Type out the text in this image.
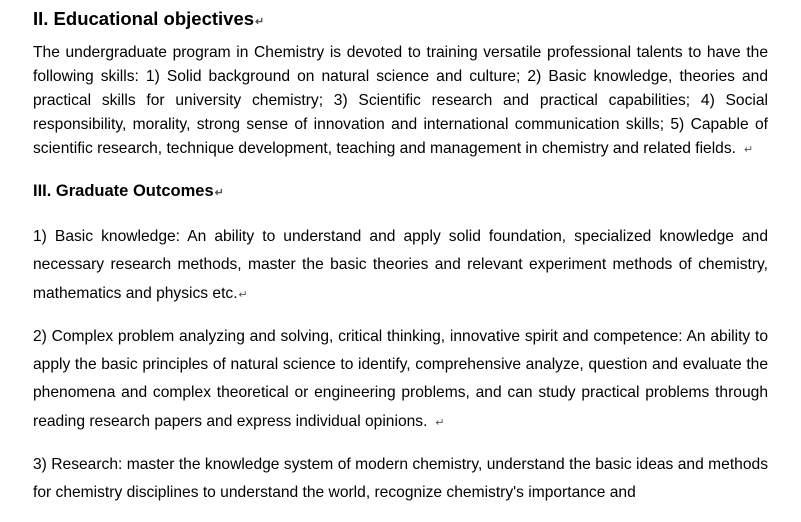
II. Educational objectives↵

The undergraduate program in Chemistry is devoted to training versatile professional talents to have the following skills: 1) Solid background on natural science and culture; 2) Basic knowledge, theories and practical skills for university chemistry; 3) Scientific research and practical capabilities; 4) Social responsibility, morality, strong sense of innovation and international communication skills; 5) Capable of scientific research, technique development, teaching and management in chemistry and related fields. ↵

III. Graduate Outcomes↵

1) Basic knowledge: An ability to understand and apply solid foundation, specialized knowledge and necessary research methods, master the basic theories and relevant experiment methods of chemistry, mathematics and physics etc.↵

2) Complex problem analyzing and solving, critical thinking, innovative spirit and competence: An ability to apply the basic principles of natural science to identify, comprehensive analyze, question and evaluate the phenomena and complex theoretical or engineering problems, and can study practical problems through reading research papers and express individual opinions. ↵

3) Research: master the knowledge system of modern chemistry, understand the basic ideas and methods for chemistry disciplines to understand the world, recognize chemistry's importance and
